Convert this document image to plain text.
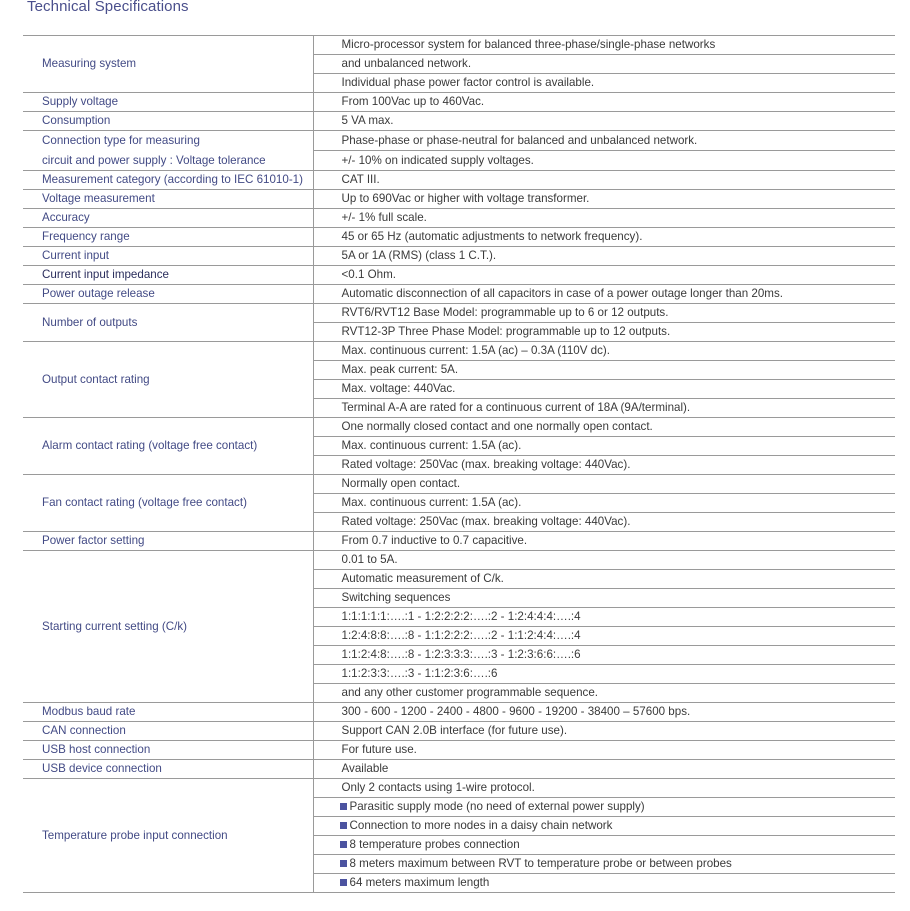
Technical Specifications
Measuring system	Micro-processor system for balanced three-phase/single-phase networks
	and unbalanced network.
	Individual phase power factor control is available.
Supply voltage	From 100Vac up to 460Vac.
Consumption	5 VA max.

Connection type for measuring
circuit and power supply : Voltage tolerance	Phase-phase or phase-neutral for balanced and unbalanced network.
	+/- 10% on indicated supply voltages.
Measurement category (according to IEC 61010-1)	CAT III.
Voltage measurement	Up to 690Vac or higher with voltage transformer.
Accuracy	+/- 1% full scale.
Frequency range	45 or 65 Hz (automatic adjustments to network frequency).
Current input	5A or 1A (RMS) (class 1 C.T.).
Current input impedance	<0.1 Ohm.
Power outage release	Automatic disconnection of all capacitors in case of a power outage longer than 20ms.
Number of outputs	RVT6/RVT12 Base Model: programmable up to 6 or 12 outputs.
	RVT12-3P Three Phase Model: programmable up to 12 outputs.
Output contact rating	Max. continuous current: 1.5A (ac) – 0.3A (110V dc).
	Max. peak current: 5A.
	Max. voltage: 440Vac.
	Terminal A-A are rated for a continuous current of 18A (9A/terminal).
Alarm contact rating (voltage free contact)	One normally closed contact and one normally open contact.
	Max. continuous current: 1.5A (ac).
	Rated voltage: 250Vac (max. breaking voltage: 440Vac).
Fan contact rating (voltage free contact)	Normally open contact.
	Max. continuous current: 1.5A (ac).
	Rated voltage: 250Vac (max. breaking voltage: 440Vac).
Power factor setting	From 0.7 inductive to 0.7 capacitive.
Starting current setting (C/k)	0.01 to 5A.
	Automatic measurement of C/k.
	Switching sequences
	1:1:1:1:1:….:1 - 1:2:2:2:2:….:2 - 1:2:4:4:4:….:4
	1:2:4:8:8:….:8 - 1:1:2:2:2:….:2 - 1:1:2:4:4:….:4
	1:1:2:4:8:….:8 - 1:2:3:3:3:….:3 - 1:2:3:6:6:….:6
	1:1:2:3:3:….:3 - 1:1:2:3:6:….:6
	and any other customer programmable sequence.
Modbus baud rate	300 - 600 - 1200 - 2400 - 4800 - 9600 - 19200 - 38400 – 57600 bps.
CAN connection	Support CAN 2.0B interface (for future use).
USB host connection	For future use.
USB device connection	Available
Temperature probe input connection	Only 2 contacts using 1-wire protocol.
	Parasitic supply mode (no need of external power supply)
	Connection to more nodes in a daisy chain network
	8 temperature probes connection
	8 meters maximum between RVT to temperature probe or between probes
	64 meters maximum length
